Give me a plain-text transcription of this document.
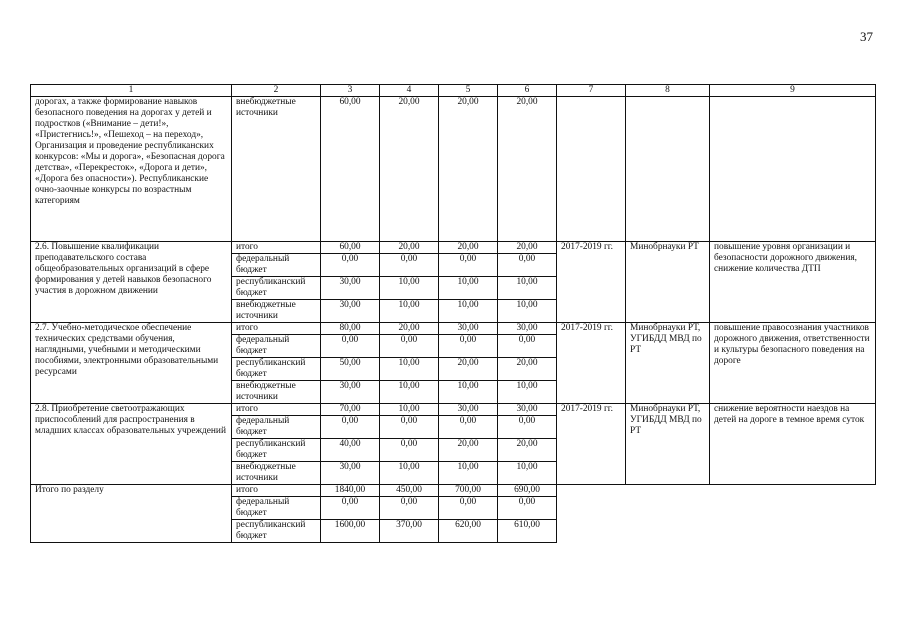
37
1	2	3	4	5	6	7	8	9
дорогах, а также формирование навыков безопасного поведения на дорогах у детей и подростков («Внимание – дети!», «Пристегнись!», «Пешеход – на переход», Организация и проведение республиканских конкурсов: «Мы и дорога», «Безопасная дорога детства», «Перекресток», «Дорога и дети», «Дорога без опасности»). Республиканские очно-заочные конкурсы по возрастным категориям	внебюджетные источники	60,00	20,00	20,00	20,00			
2.6. Повышение квалификации преподавательского состава общеобразовательных организаций в сфере формирования у детей навыков безопасного участия в дорожном движении	итого	60,00	20,00	20,00	20,00	2017-2019 гг.	Минобрнауки РТ	повышение уровня организации и безопасности дорожного движения, снижение количества ДТП
	федеральный бюджет	0,00	0,00	0,00	0,00			
	республиканский бюджет	30,00	10,00	10,00	10,00			
	внебюджетные источники	30,00	10,00	10,00	10,00			
2.7. Учебно-методическое обеспечение технических средствами обучения, наглядными, учебными и методическими пособиями, электронными образовательными ресурсами	итого	80,00	20,00	30,00	30,00	2017-2019 гг.	Минобрнауки РТ, УГИБДД МВД по РТ	повышение правосознания участников дорожного движения, ответственности и культуры безопасного поведения на дороге
	федеральный бюджет	0,00	0,00	0,00	0,00			
	республиканский бюджет	50,00	10,00	20,00	20,00			
	внебюджетные источники	30,00	10,00	10,00	10,00			
2.8. Приобретение светоотражающих приспособлений для распространения в младших классах образовательных учреждений	итого	70,00	10,00	30,00	30,00	2017-2019 гг.	Минобрнауки РТ, УГИБДД МВД по РТ	снижение вероятности наездов на детей на дороге в темное время суток
	федеральный бюджет	0,00	0,00	0,00	0,00			
	республиканский бюджет	40,00	0,00	20,00	20,00			
	внебюджетные источники	30,00	10,00	10,00	10,00			
Итого по разделу	итого	1840,00	450,00	700,00	690,00			
	федеральный бюджет	0,00	0,00	0,00	0,00			
	республиканский бюджет	1600,00	370,00	620,00	610,00			
